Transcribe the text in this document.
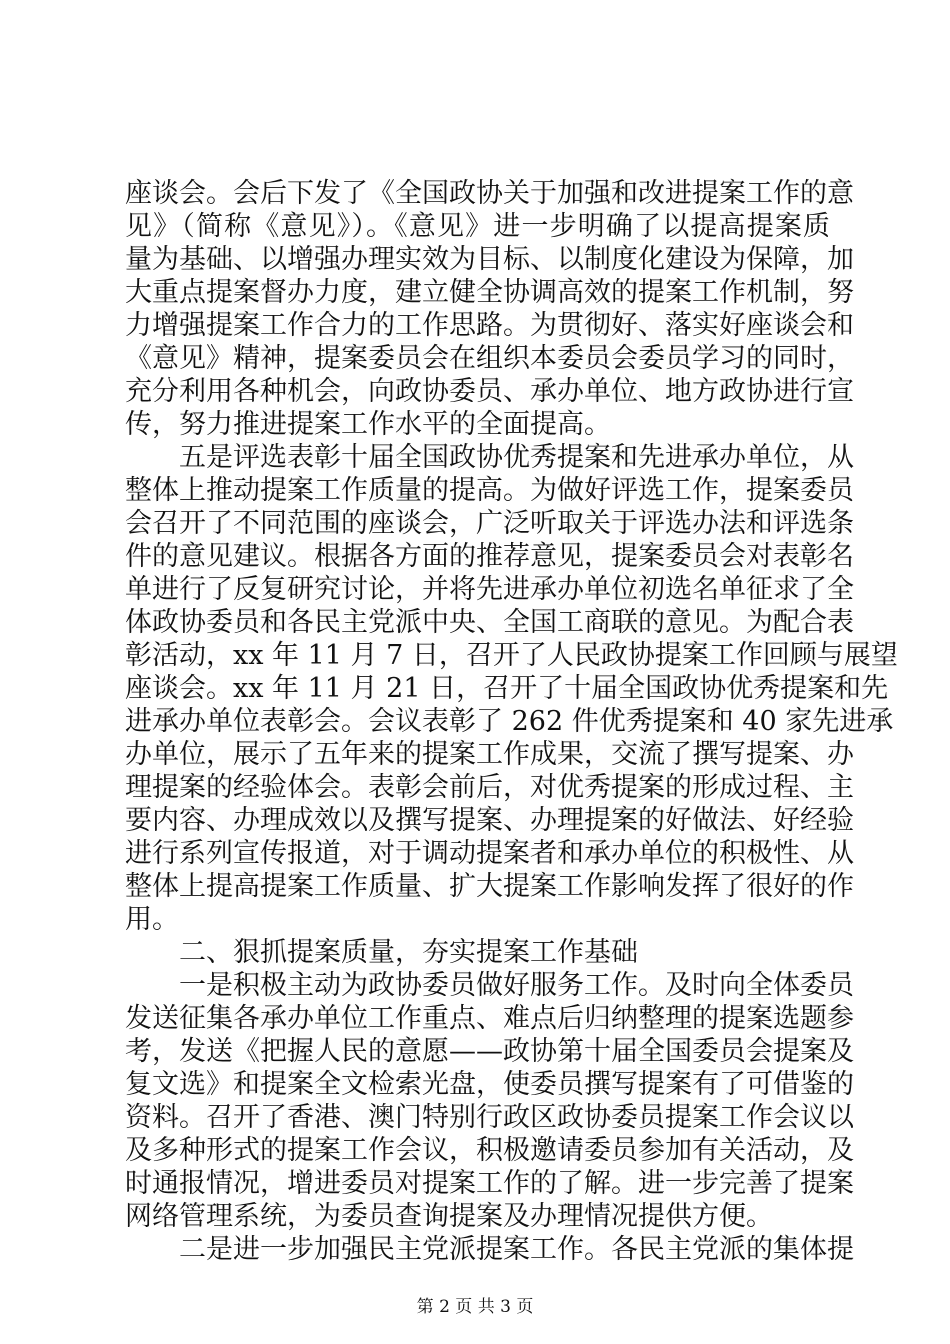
座谈会。会后下发了《全国政协关于加强和改进提案工作的意
见》（简称《意见》）。《意见》进一步明确了以提高提案质
量为基础、以增强办理实效为目标、以制度化建设为保障，加
大重点提案督办力度，建立健全协调高效的提案工作机制，努
力增强提案工作合力的工作思路。为贯彻好、落实好座谈会和
《意见》精神，提案委员会在组织本委员会委员学习的同时，
充分利用各种机会，向政协委员、承办单位、地方政协进行宣
传，努力推进提案工作水平的全面提高。
五是评选表彰十届全国政协优秀提案和先进承办单位，从
整体上推动提案工作质量的提高。为做好评选工作，提案委员
会召开了不同范围的座谈会，广泛听取关于评选办法和评选条
件的意见建议。根据各方面的推荐意见，提案委员会对表彰名
单进行了反复研究讨论，并将先进承办单位初选名单征求了全
体政协委员和各民主党派中央、全国工商联的意见。为配合表
彰活动，xx 年 11 月 7 日，召开了人民政协提案工作回顾与展望
座谈会。xx 年 11 月 21 日，召开了十届全国政协优秀提案和先
进承办单位表彰会。会议表彰了 262 件优秀提案和 40 家先进承
办单位，展示了五年来的提案工作成果，交流了撰写提案、办
理提案的经验体会。表彰会前后，对优秀提案的形成过程、主
要内容、办理成效以及撰写提案、办理提案的好做法、好经验
进行系列宣传报道，对于调动提案者和承办单位的积极性、从
整体上提高提案工作质量、扩大提案工作影响发挥了很好的作
用。
二、狠抓提案质量，夯实提案工作基础
一是积极主动为政协委员做好服务工作。及时向全体委员
发送征集各承办单位工作重点、难点后归纳整理的提案选题参
考，发送《把握人民的意愿——政协第十届全国委员会提案及
复文选》和提案全文检索光盘，使委员撰写提案有了可借鉴的
资料。召开了香港、澳门特别行政区政协委员提案工作会议以
及多种形式的提案工作会议，积极邀请委员参加有关活动，及
时通报情况，增进委员对提案工作的了解。进一步完善了提案
网络管理系统，为委员查询提案及办理情况提供方便。
二是进一步加强民主党派提案工作。各民主党派的集体提
第 2 页 共 3 页
